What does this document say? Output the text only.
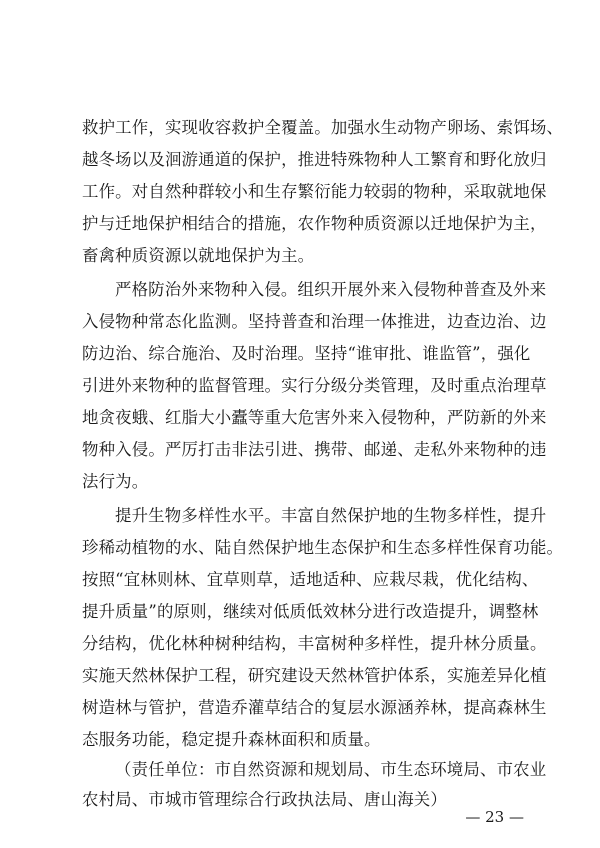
救护工作，实现收容救护全覆盖。加强水生动物产卵场、索饵场、
越冬场以及洄游通道的保护，推进特殊物种人工繁育和野化放归
工作。对自然种群较小和生存繁衍能力较弱的物种，采取就地保
护与迁地保护相结合的措施，农作物种质资源以迁地保护为主，
畜禽种质资源以就地保护为主。
严格防治外来物种入侵。组织开展外来入侵物种普查及外来
入侵物种常态化监测。坚持普查和治理一体推进，边查边治、边
防边治、综合施治、及时治理。坚持“谁审批、谁监管”，强化
引进外来物种的监督管理。实行分级分类管理，及时重点治理草
地贪夜蛾、红脂大小蠹等重大危害外来入侵物种，严防新的外来
物种入侵。严厉打击非法引进、携带、邮递、走私外来物种的违
法行为。
提升生物多样性水平。丰富自然保护地的生物多样性，提升
珍稀动植物的水、陆自然保护地生态保护和生态多样性保育功能。
按照“宜林则林、宜草则草，适地适种、应栽尽栽，优化结构、
提升质量”的原则，继续对低质低效林分进行改造提升，调整林
分结构，优化林种树种结构，丰富树种多样性，提升林分质量。
实施天然林保护工程，研究建设天然林管护体系，实施差异化植
树造林与管护，营造乔灌草结合的复层水源涵养林，提高森林生
态服务功能，稳定提升森林面积和质量。
（责任单位：市自然资源和规划局、市生态环境局、市农业
农村局、市城市管理综合行政执法局、唐山海关）
— 23 —
